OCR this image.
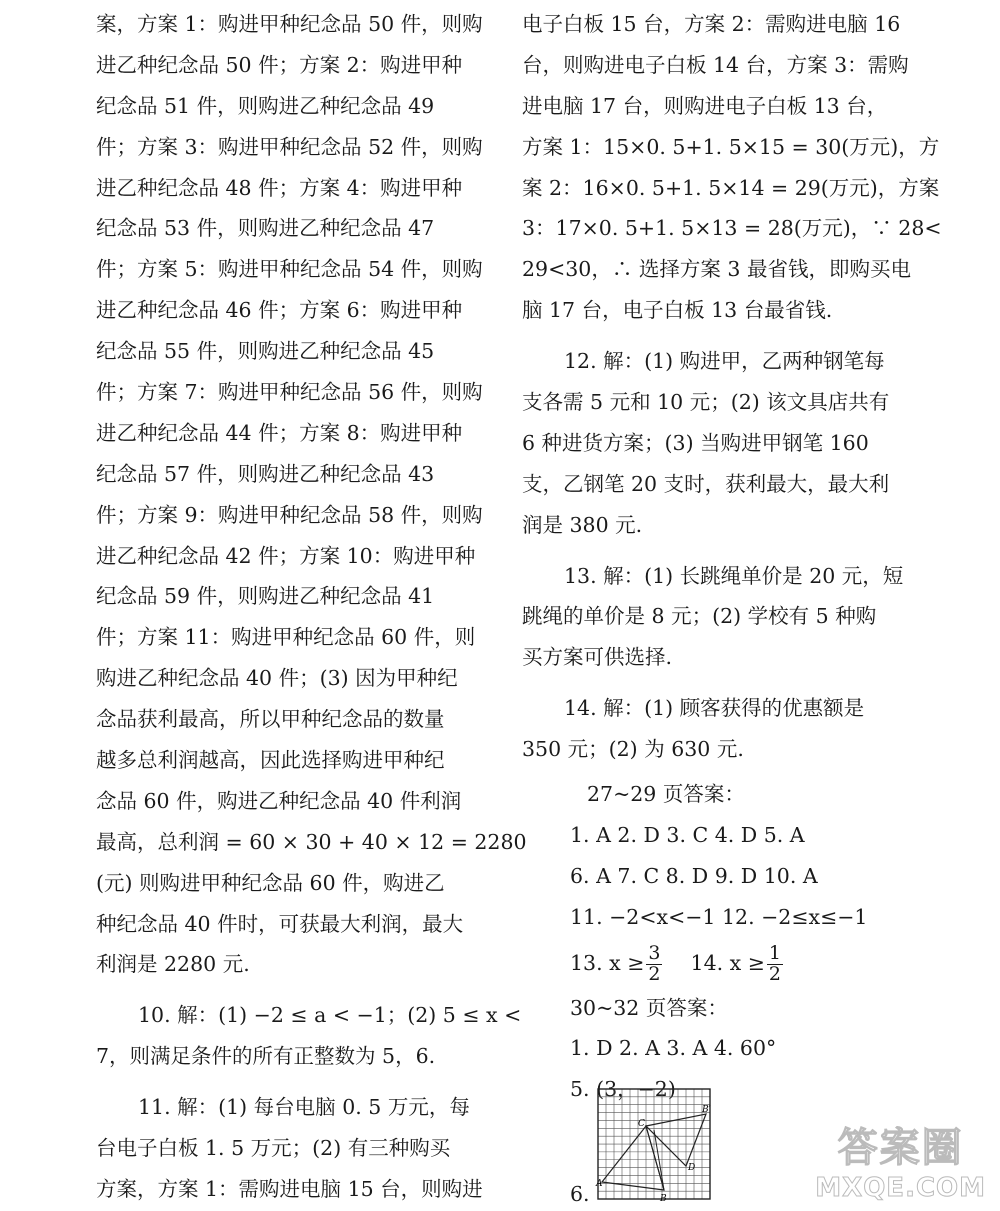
案，方案 1：购进甲种纪念品 50 件，则购
进乙种纪念品 50 件；方案 2：购进甲种
纪念品 51 件，则购进乙种纪念品 49
件；方案 3：购进甲种纪念品 52 件，则购
进乙种纪念品 48 件；方案 4：购进甲种
纪念品 53 件，则购进乙种纪念品 47
件；方案 5：购进甲种纪念品 54 件，则购
进乙种纪念品 46 件；方案 6：购进甲种
纪念品 55 件，则购进乙种纪念品 45
件；方案 7：购进甲种纪念品 56 件，则购
进乙种纪念品 44 件；方案 8：购进甲种
纪念品 57 件，则购进乙种纪念品 43
件；方案 9：购进甲种纪念品 58 件，则购
进乙种纪念品 42 件；方案 10：购进甲种
纪念品 59 件，则购进乙种纪念品 41
件；方案 11：购进甲种纪念品 60 件，则
购进乙种纪念品 40 件；(3) 因为甲种纪
念品获利最高，所以甲种纪念品的数量
越多总利润越高，因此选择购进甲种纪
念品 60 件，购进乙种纪念品 40 件利润
最高，总利润 = 60 × 30 + 40 × 12 = 2280
(元) 则购进甲种纪念品 60 件，购进乙
种纪念品 40 件时，可获最大利润，最大
利润是 2280 元.
10. 解：(1) −2 ≤ a < −1；(2) 5 ≤ x <
7，则满足条件的所有正整数为 5，6.
11. 解：(1) 每台电脑 0. 5 万元，每
台电子白板 1. 5 万元；(2) 有三种购买
方案，方案 1：需购进电脑 15 台，则购进
电子白板 15 台，方案 2：需购进电脑 16
台，则购进电子白板 14 台，方案 3：需购
进电脑 17 台，则购进电子白板 13 台，
方案 1：15×0. 5+1. 5×15 = 30(万元)，方
案 2：16×0. 5+1. 5×14 = 29(万元)，方案
3：17×0. 5+1. 5×13 = 28(万元)，∵ 28<
29<30，∴ 选择方案 3 最省钱，即购买电
脑 17 台，电子白板 13 台最省钱.
12. 解：(1) 购进甲，乙两种钢笔每
支各需 5 元和 10 元；(2) 该文具店共有
6 种进货方案；(3) 当购进甲钢笔 160
支，乙钢笔 20 支时，获利最大，最大利
润是 380 元.
13. 解：(1) 长跳绳单价是 20 元，短
跳绳的单价是 8 元；(2) 学校有 5 种购
买方案可供选择.
14. 解：(1) 顾客获得的优惠额是
350 元；(2) 为 630 元.
27~29 页答案：
1. A 2. D 3. C 4. D 5. A
6. A 7. C 8. D 9. D 10. A
11. −2<x<−1 12. −2≤x≤−1
13. $x \ge \frac{3}{2} 14$. $x \ge \frac{1}{2}$
30~32 页答案：
1. D 2. A 3. A 4. 60°
5. (3，−2)
6.
C
A
B
B′
D	答案圈
MXQE.COM
